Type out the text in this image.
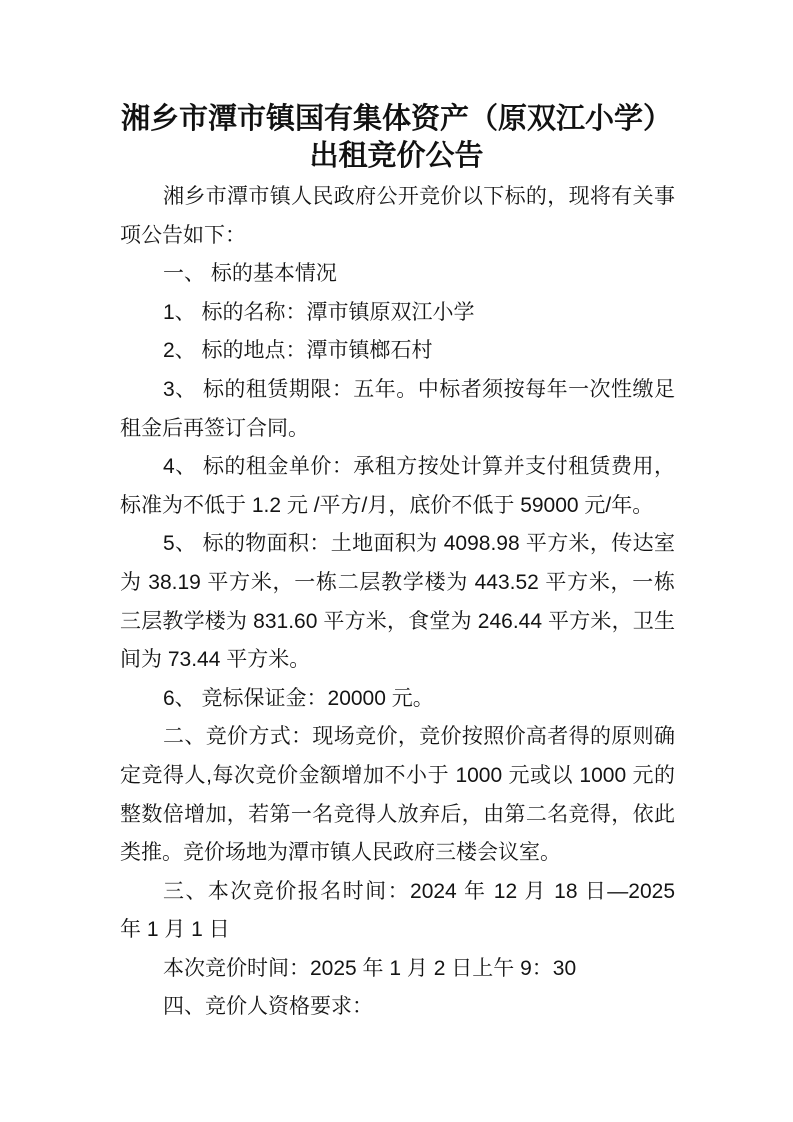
湘乡市潭市镇国有集体资产（原双江小学）
出租竞价公告
湘乡市潭市镇人民政府公开竞价以下标的，现将有关事
项公告如下：
一、 标的基本情况
1、 标的名称：潭市镇原双江小学
2、 标的地点：潭市镇榔石村
3、 标的租赁期限：五年。中标者须按每年一次性缴足
租金后再签订合同。
4、 标的租金单价：承租方按处计算并支付租赁费用，
标准为不低于 1.2 元 /平方/月，底价不低于 59000 元/年。
5、 标的物面积：土地面积为 4098.98 平方米，传达室
为 38.19 平方米，一栋二层教学楼为 443.52 平方米，一栋
三层教学楼为 831.60 平方米，食堂为 246.44 平方米，卫生
间为 73.44 平方米。
6、 竞标保证金：20000 元。
二、竞价方式：现场竞价，竞价按照价高者得的原则确
定竞得人,每次竞价金额增加不小于 1000 元或以 1000 元的
整数倍增加，若第一名竞得人放弃后，由第二名竞得，依此
类推。竞价场地为潭市镇人民政府三楼会议室。
三、本次竞价报名时间：2024 年 12 月 18 日—2025
年 1 月 1 日
本次竞价时间：2025 年 1 月 2 日上午 9：30
四、竞价人资格要求：
